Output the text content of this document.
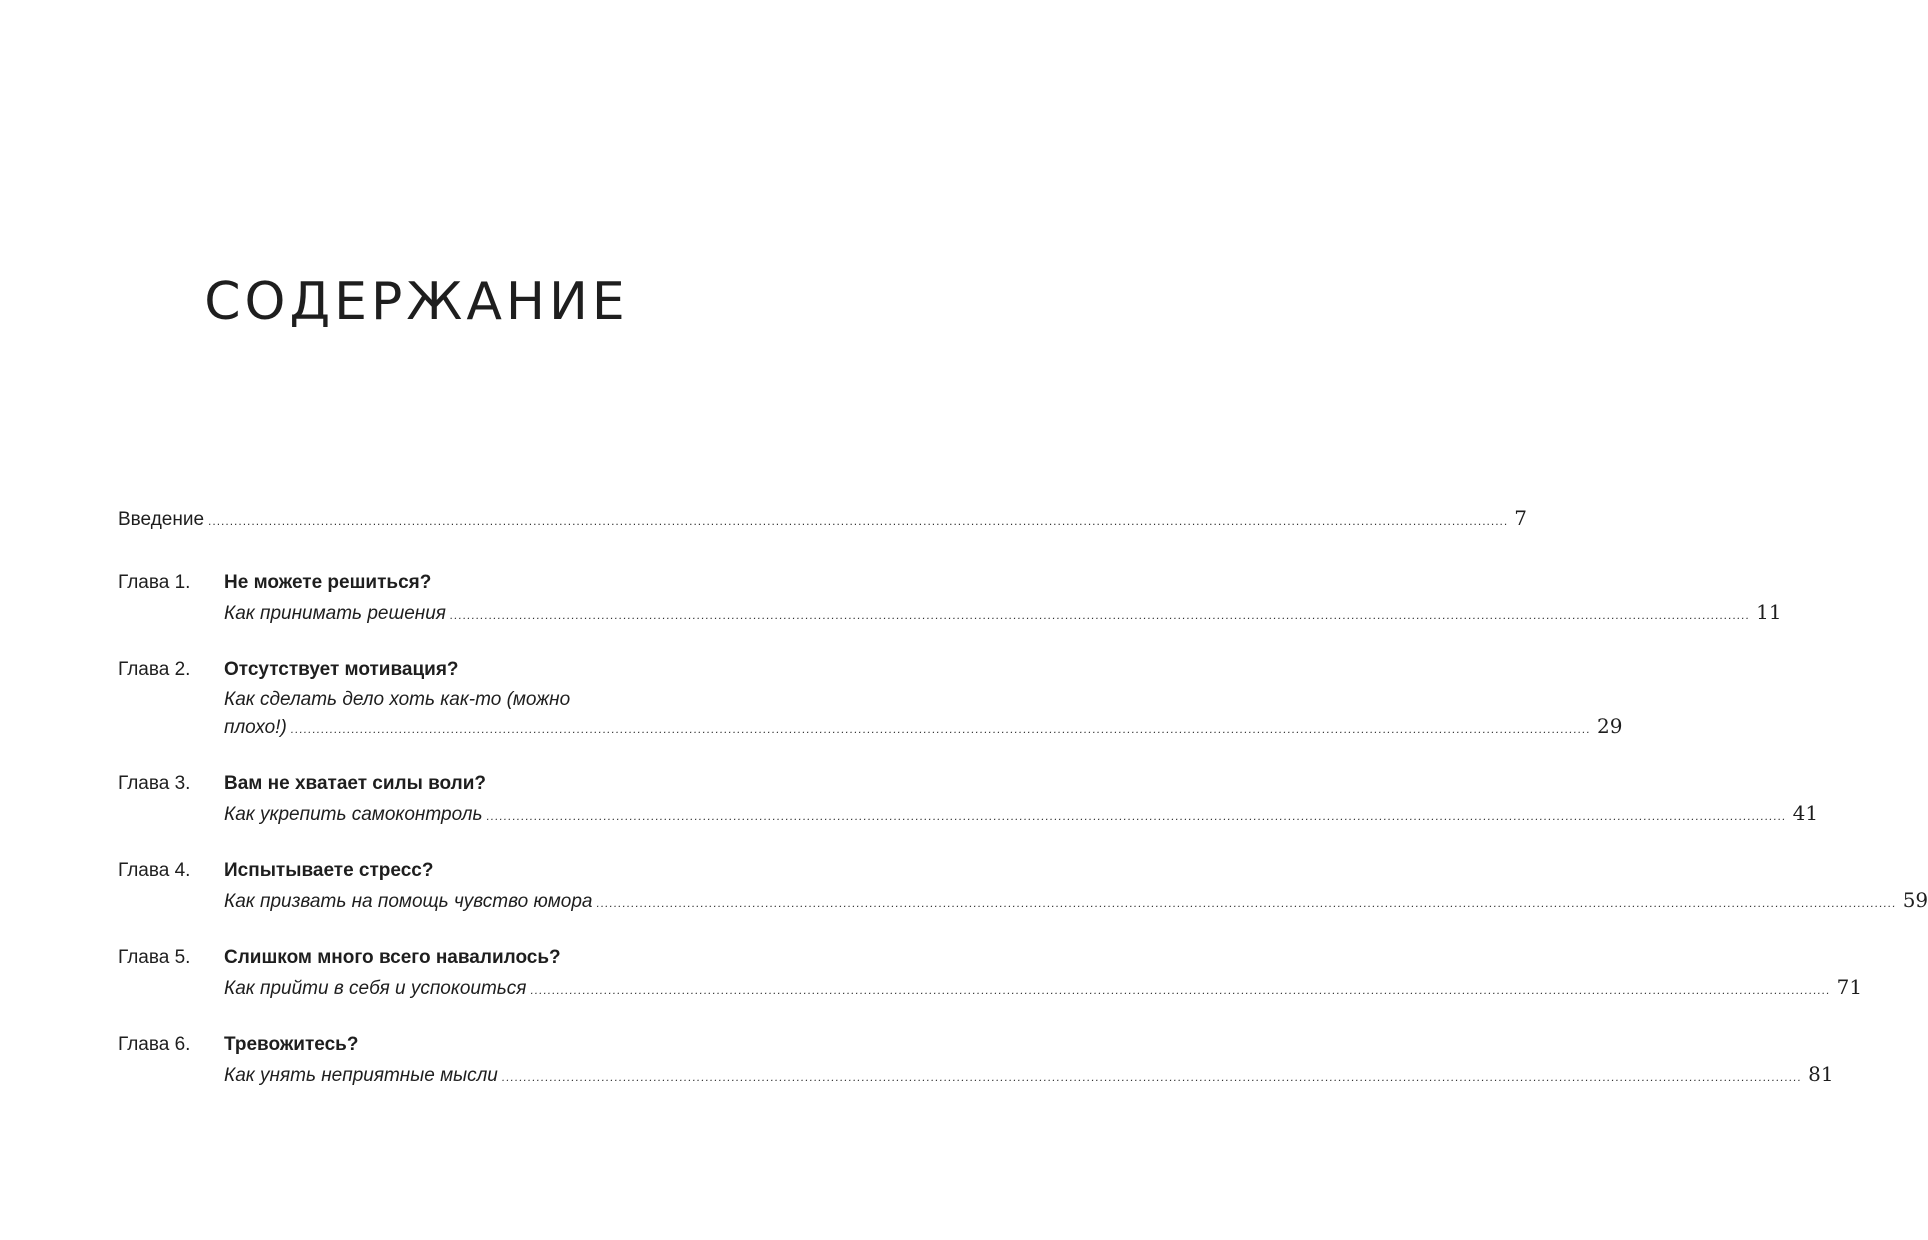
СОДЕРЖАНИЕ
Введение ............................................................................................................................................................................................................................................................................................................ 7
Глава 1.	Не можете решиться?
Как принимать решения ............................................................................................................................................................................................................................................................................................................ 11
Глава 2.	Отсутствует мотивация?
Как сделать дело хоть как-то (можно
плохо!) ............................................................................................................................................................................................................................................................................................................ 29
Глава 3.	Вам не хватает силы воли?
Как укрепить самоконтроль ............................................................................................................................................................................................................................................................................................................ 41
Глава 4.	Испытываете стресс?
Как призвать на помощь чувство юмора ............................................................................................................................................................................................................................................................................................................ 59
Глава 5.	Слишком много всего навалилось?
Как прийти в себя и успокоиться ............................................................................................................................................................................................................................................................................................................ 71
Глава 6.	Тревожитесь?
Как унять неприятные мысли ............................................................................................................................................................................................................................................................................................................ 81
